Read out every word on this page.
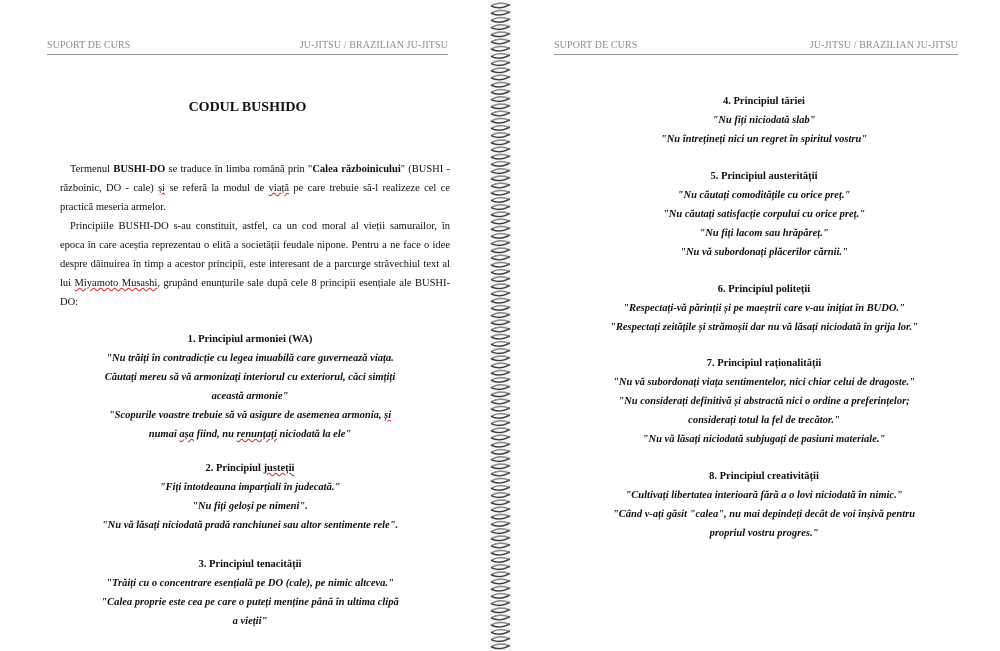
SUPORT DE CURS	JU-JITSU / BRAZILIAN JU-JITSU
CODUL BUSHIDO
Termenul BUSHI-DO se traduce în limba română prin "Calea războinicului" (BUSHI - războinic, DO - cale) și se referă la modul de viață pe care trebuie să-l realizeze cel ce practică meseria armelor.
Principiile BUSHI-DO s-au constituit, astfel, ca un cod moral al vieții samurailor, în epoca în care aceștia reprezentau o elită a societății feudale nipone. Pentru a ne face o idee despre dăinuirea în timp a acestor principii, este interesant de a parcurge străvechiul text al lui Miyamoto Musashi, grupând enunțurile sale după cele 8 principii esențiale ale BUSHI-DO:
1. Principiul armoniei (WA)
"Nu trăiți în contradicție cu legea imuabilă care guvernează viața.
Căutați mereu să vă armonizați interiorul cu exteriorul, căci simțiți
această armonie"
"Scopurile voastre trebuie să vă asigure de asemenea armonia, și
numai așa fiind, nu renunțați niciodată la ele"
2. Principiul justeții
"Fiți întotdeauna imparțiali în judecată."
"Nu fiți geloși pe nimeni".
"Nu vă lăsați niciodată pradă ranchiunei sau altor sentimente rele".
3. Principiul tenacității
"Trăiți cu o concentrare esențială pe DO (cale), pe nimic altceva."
"Calea proprie este cea pe care o puteți menține până în ultima clipă
a vieții"
SUPORT DE CURS	JU-JITSU / BRAZILIAN JU-JITSU
4. Principiul tăriei
"Nu fiți niciodată slab"
"Nu întrețineți nici un regret în spiritul vostru"
5. Principiul austerității
"Nu căutați comoditățile cu orice preț."
"Nu căutați satisfacție corpului cu orice preț."
"Nu fiți lacom sau hrăpăreț."
"Nu vă subordonați plăcerilor cărnii."
6. Principiul politeții
"Respectați-vă părinții și pe maeștrii care v-au inițiat în BUDO."
"Respectați zeitățile și strămoșii dar nu vă lăsați niciodată în grija lor."
7. Principiul raționalității
"Nu vă subordonați viața sentimentelor, nici chiar celui de dragoste."
"Nu considerați definitivă și abstractă nici o ordine a preferințelor;
considerați totul la fel de trecător."
"Nu vă lăsați niciodată subjugați de pasiuni materiale."
8. Principiul creativității
"Cultivați libertatea interioară fără a o lovi niciodată în nimic."
"Când v-ați găsit "calea", nu mai depindeți decât de voi înșivă pentru
propriul vostru progres."
